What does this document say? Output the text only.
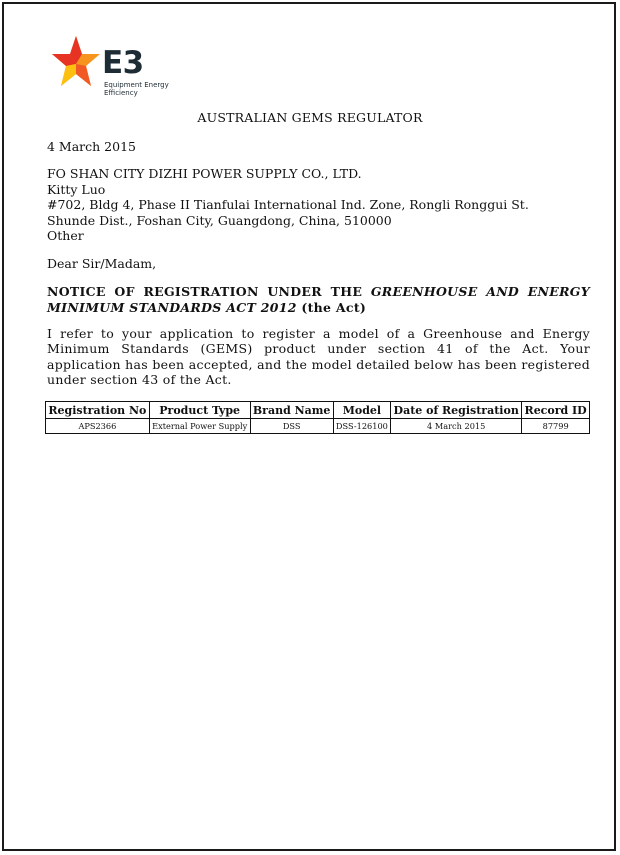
E3
Equipment Energy
Efficiency
AUSTRALIAN GEMS REGULATOR
4 March 2015
FO SHAN CITY DIZHI POWER SUPPLY CO., LTD.
Kitty Luo
#702, Bldg 4, Phase II Tianfulai International Ind. Zone, Rongli Ronggui St.
Shunde Dist., Foshan City, Guangdong, China, 510000
Other
Dear Sir/Madam,
NOTICE OF REGISTRATION UNDER THE GREENHOUSE AND ENERGY MINIMUM STANDARDS ACT 2012 (the Act)
I refer to your application to register a model of a Greenhouse and Energy Minimum Standards (GEMS) product under section 41 of the Act. Your application has been accepted, and the model detailed below has been registered under section 43 of the Act.
Registration No	Product Type	Brand Name	Model	Date of Registration	Record ID
APS2366	External Power Supply	DSS	DSS-126100	4 March 2015	87799
